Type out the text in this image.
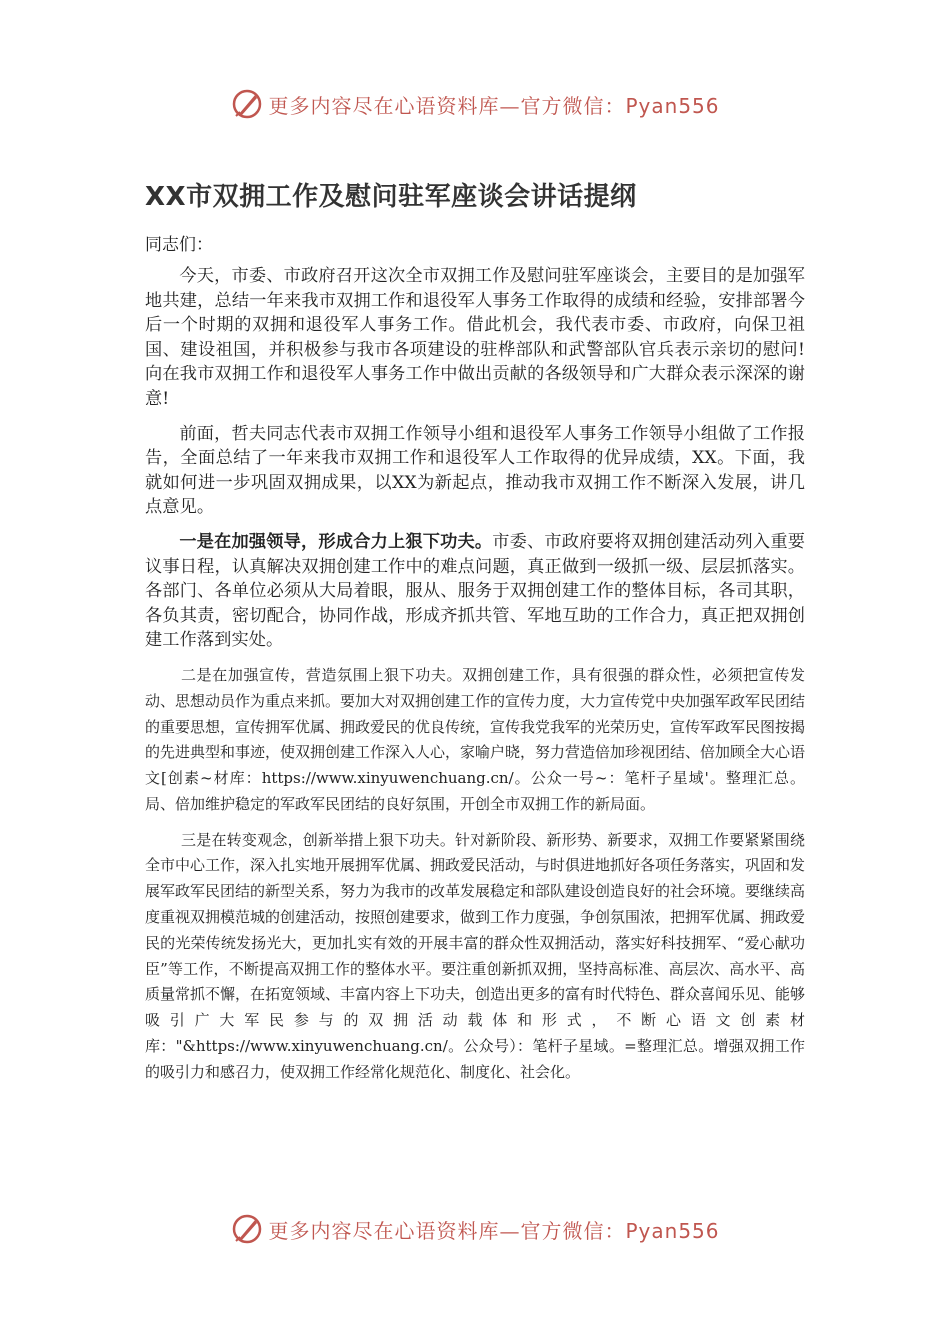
更多内容尽在心语资料库—官方微信：Pyan556
XX市双拥工作及慰问驻军座谈会讲话提纲

同志们：

今天，市委、市政府召开这次全市双拥工作及慰问驻军座谈会，主要目的是加强军地共建，总结一年来我市双拥工作和退役军人事务工作取得的成绩和经验，安排部署今后一个时期的双拥和退役军人事务工作。借此机会，我代表市委、市政府，向保卫祖国、建设祖国，并积极参与我市各项建设的驻桦部队和武警部队官兵表示亲切的慰问!向在我市双拥工作和退役军人事务工作中做出贡献的各级领导和广大群众表示深深的谢意!

前面，哲夫同志代表市双拥工作领导小组和退役军人事务工作领导小组做了工作报告，全面总结了一年来我市双拥工作和退役军人工作取得的优异成绩，XX。下面，我就如何进一步巩固双拥成果，以XX为新起点，推动我市双拥工作不断深入发展，讲几点意见。

一是在加强领导，形成合力上狠下功夫。市委、市政府要将双拥创建活动列入重要议事日程，认真解决双拥创建工作中的难点问题，真正做到一级抓一级、层层抓落实。各部门、各单位必须从大局着眼，服从、服务于双拥创建工作的整体目标，各司其职，各负其责，密切配合，协同作战，形成齐抓共管、军地互助的工作合力，真正把双拥创建工作落到实处。

二是在加强宣传，营造氛围上狠下功夫。双拥创建工作，具有很强的群众性，必须把宣传发动、思想动员作为重点来抓。要加大对双拥创建工作的宣传力度，大力宣传党中央加强军政军民团结的重要思想，宣传拥军优属、拥政爱民的优良传统，宣传我党我军的光荣历史，宣传军政军民图按揭的先进典型和事迹，使双拥创建工作深入人心，家喻户晓，努力营造倍加珍视团结、倍加顾全大心语文[创素~材库：https://www.xinyuwenchuang.cn/。公众一号~：笔杆子星域'。整理汇总。局、倍加维护稳定的军政军民团结的良好氛围，开创全市双拥工作的新局面。

三是在转变观念，创新举措上狠下功夫。针对新阶段、新形势、新要求，双拥工作要紧紧围绕全市中心工作，深入扎实地开展拥军优属、拥政爱民活动，与时俱进地抓好各项任务落实，巩固和发展军政军民团结的新型关系，努力为我市的改革发展稳定和部队建设创造良好的社会环境。要继续高度重视双拥模范城的创建活动，按照创建要求，做到工作力度强，争创氛围浓，把拥军优属、拥政爱民的光荣传统发扬光大，更加扎实有效的开展丰富的群众性双拥活动，落实好科技拥军、“爱心献功臣”等工作，不断提高双拥工作的整体水平。要注重创新抓双拥，坚持高标准、高层次、高水平、高质量常抓不懈，在拓宽领域、丰富内容上下功夫，创造出更多的富有时代特色、群众喜闻乐见、能够吸引广大军民参与的双拥活动载体和形式，不断心语文创素材库："&https://www.xinyuwenchuang.cn/。公众号）：笔杆子星域。=整理汇总。增强双拥工作的吸引力和感召力，使双拥工作经常化规范化、制度化、社会化。

更多内容尽在心语资料库—官方微信：Pyan556
